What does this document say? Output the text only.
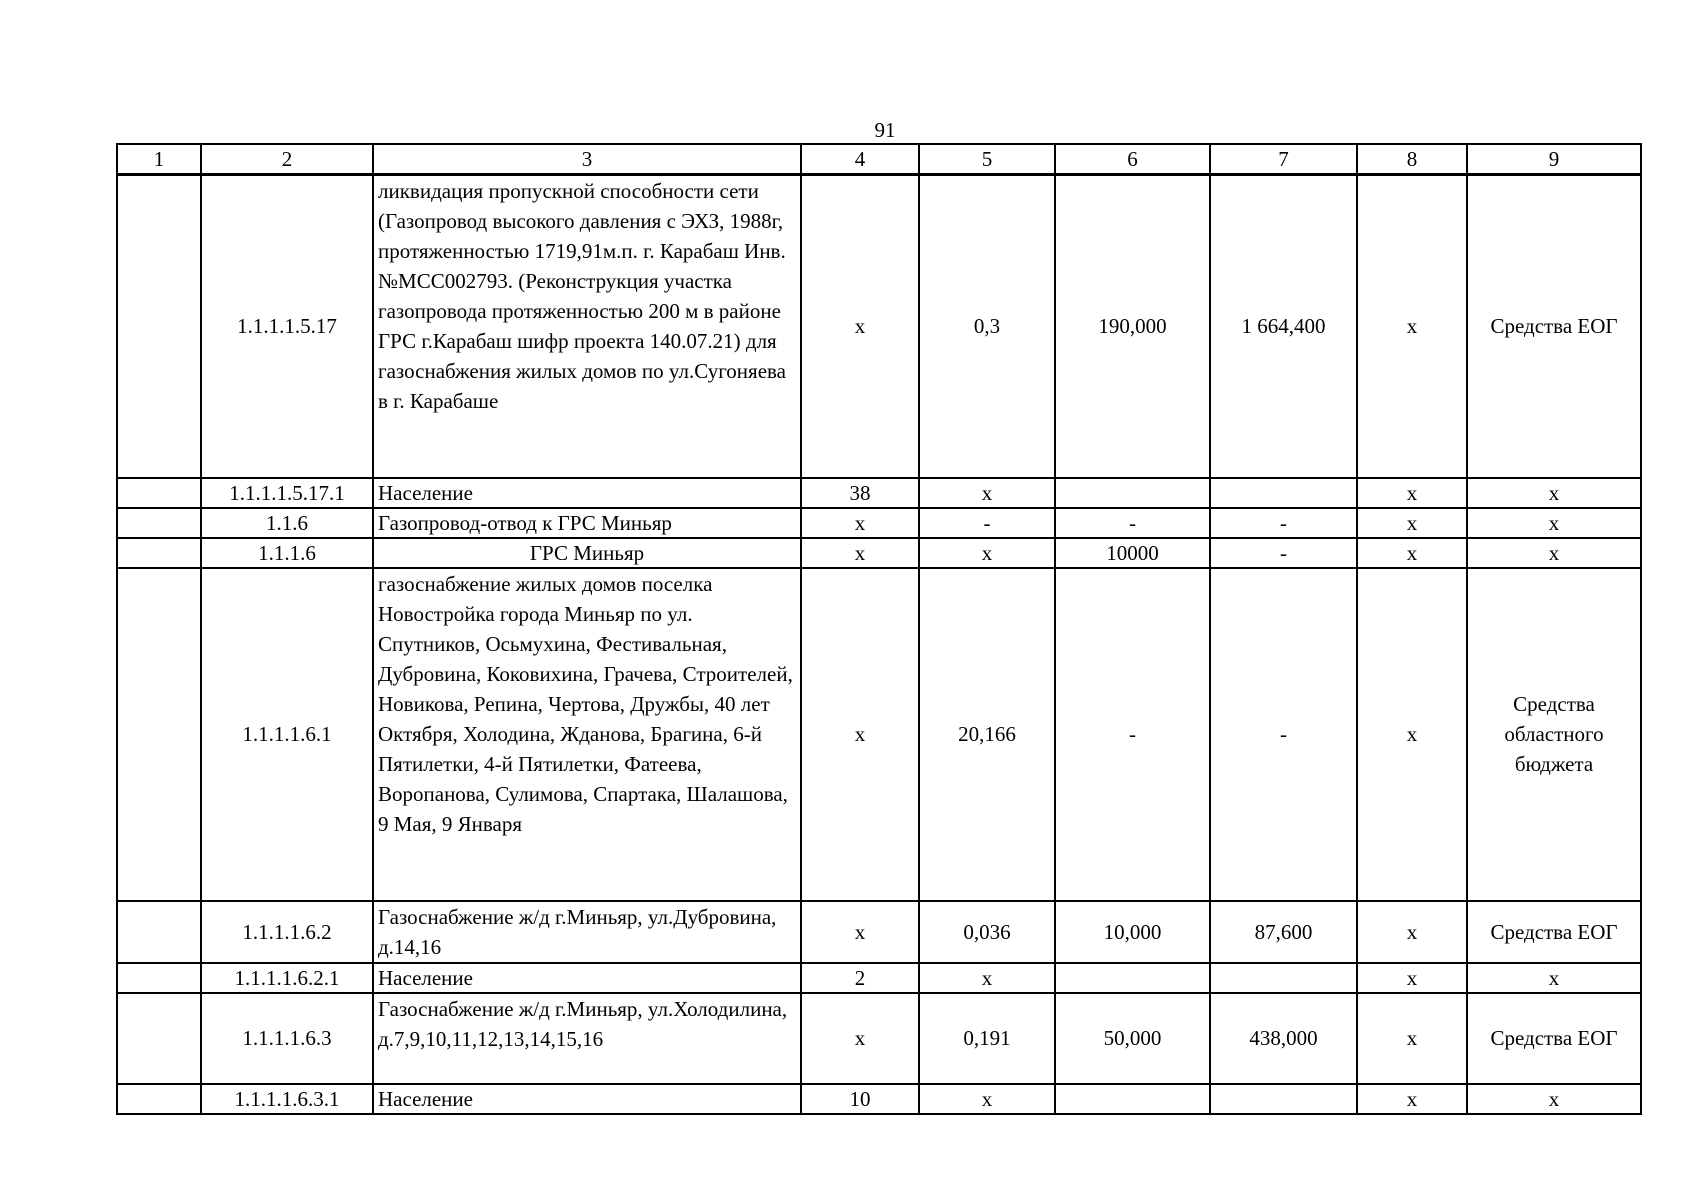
91
1	2	3	4	5	6	7	8	9
	1.1.1.1.5.17	ликвидация пропускной способности сети (Газопровод высокого давления с ЭХЗ, 1988г, протяженностью 1719,91м.п. г. Карабаш Инв.№МСС002793. (Реконструкция участка газопровода протяженностью 200 м в районе ГРС г.Карабаш шифр проекта 140.07.21) для газоснабжения жилых домов по ул.Сугоняева в г. Карабаше	х	0,3	190,000	1 664,400	х	Средства ЕОГ
	1.1.1.1.5.17.1	Население	38	х			х	х
	1.1.6	Газопровод-отвод к ГРС Миньяр	х	-	-	-	х	х
	1.1.1.6	ГРС Миньяр	х	х	10000	-	х	х
	1.1.1.1.6.1	газоснабжение жилых домов поселка Новостройка города Миньяр по ул. Спутников, Осьмухина, Фестивальная, Дубровина, Коковихина, Грачева, Строителей, Новикова, Репина, Чертова, Дружбы, 40 лет Октября, Холодина, Жданова, Брагина, 6-й Пятилетки, 4-й Пятилетки, Фатеева, Воропанова, Сулимова, Спартака, Шалашова, 9 Мая, 9 Января	х	20,166	-	-	х	Средства областного бюджета
	1.1.1.1.6.2	Газоснабжение ж/д г.Миньяр, ул.Дубровина, д.14,16	х	0,036	10,000	87,600	х	Средства ЕОГ
	1.1.1.1.6.2.1	Население	2	х			х	х
	1.1.1.1.6.3	Газоснабжение ж/д г.Миньяр, ул.Холодилина, д.7,9,10,11,12,13,14,15,16	х	0,191	50,000	438,000	х	Средства ЕОГ
	1.1.1.1.6.3.1	Население	10	х			х	х
